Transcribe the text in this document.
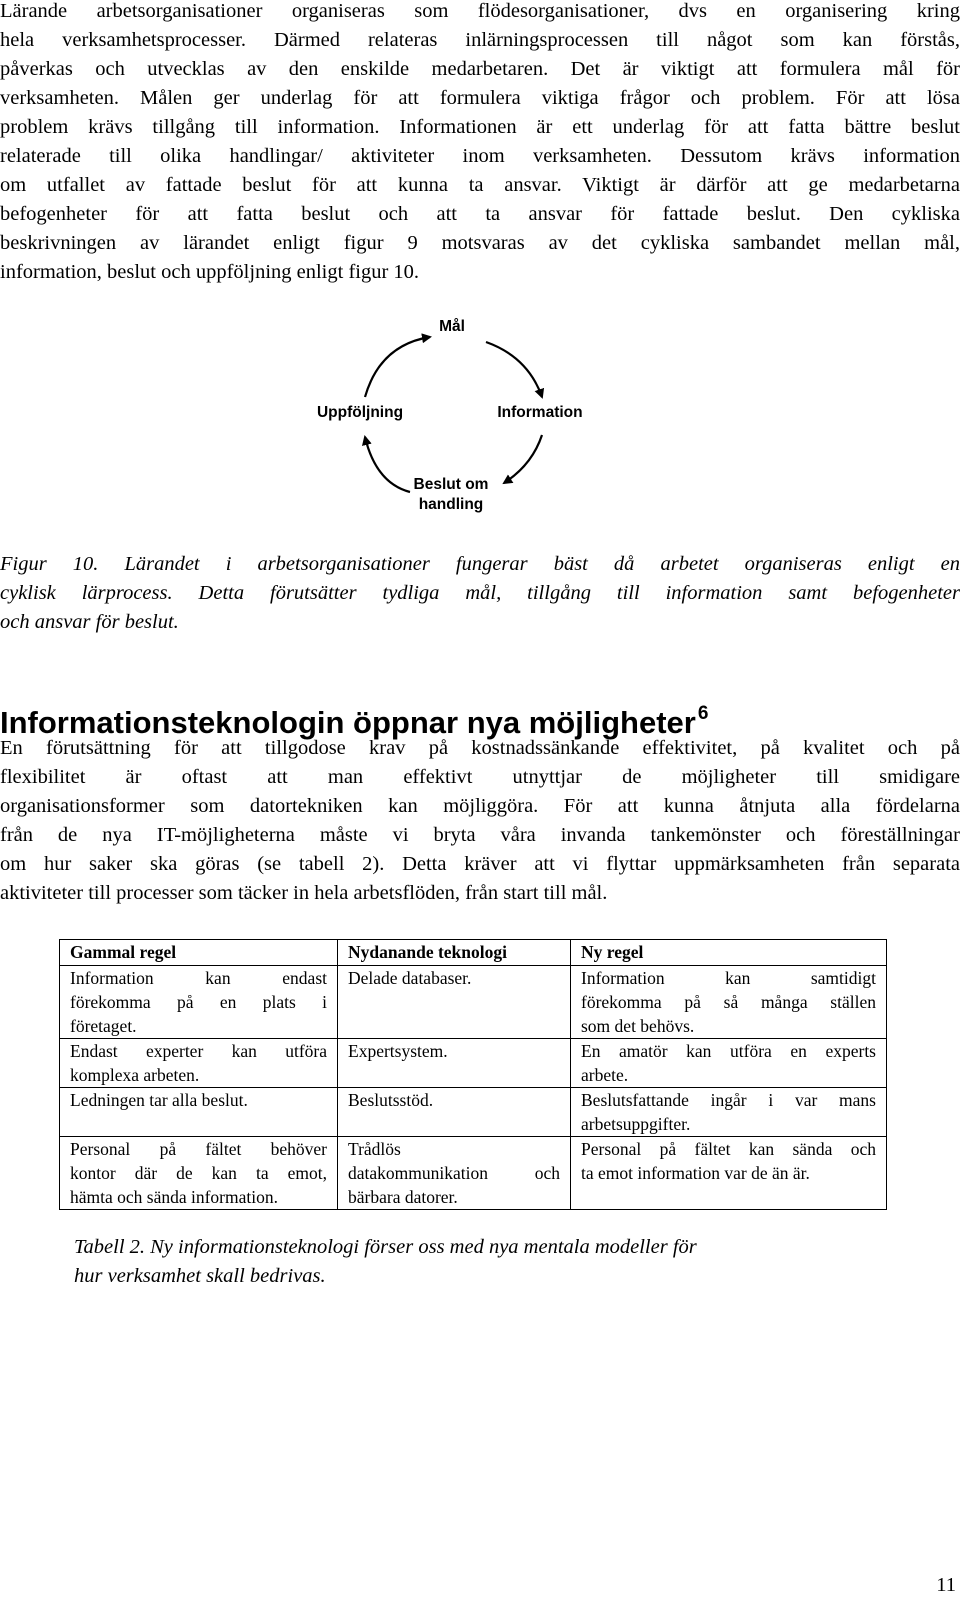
Lärande arbetsorganisationer organiseras som flödesorganisationer, dvs en organisering kring
hela verksamhetsprocesser. Därmed relateras inlärningsprocessen till något som kan förstås,
påverkas och utvecklas av den enskilde medarbetaren. Det är viktigt att formulera mål för
verksamheten. Målen ger underlag för att formulera viktiga frågor och problem. För att lösa
problem krävs tillgång till information. Informationen är ett underlag för att fatta bättre beslut
relaterade till olika handlingar/ aktiviteter inom verksamheten. Dessutom krävs information
om utfallet av fattade beslut för att kunna ta ansvar. Viktigt är därför att ge medarbetarna
befogenheter för att fatta beslut och att ta ansvar för fattade beslut. Den cykliska
beskrivningen av lärandet enligt figur 9 motsvaras av det cykliska sambandet mellan mål,
information, beslut och uppföljning enligt figur 10.
Mål
Information
Uppföljning
Beslut om
handling
Figur 10. Lärandet i arbetsorganisationer fungerar bäst då arbetet organiseras enligt en
cyklisk lärprocess. Detta förutsätter tydliga mål, tillgång till information samt befogenheter
och ansvar för beslut.
Informationsteknologin öppnar nya möjligheter $^6$
En förutsättning för att tillgodose krav på kostnadssänkande effektivitet, på kvalitet och på
flexibilitet är oftast att man effektivt utnyttjar de möjligheter till smidigare
organisationsformer som datortekniken kan möjliggöra. För att kunna åtnjuta alla fördelarna
från de nya IT-möjligheterna måste vi bryta våra invanda tankemönster och föreställningar
om hur saker ska göras (se tabell 2). Detta kräver att vi flyttar uppmärksamheten från separata
aktiviteter till processer som täcker in hela arbetsflöden, från start till mål.
Gammal regel	Nydanande teknologi	Ny regel

Information kan endast
förekomma på en plats i
företaget.	Delade databaser.	Information kan samtidigt
förekomma på så många ställen
som det behövs.

Endast experter kan utföra
komplexa arbeten.	Expertsystem.	En amatör kan utföra en experts
arbete.

Ledningen tar alla beslut.	Beslutsstöd.	Beslutsfattande ingår i var mans
arbetsuppgifter.

Personal på fältet behöver
kontor där de kan ta emot,
hämta och sända information.	Trådlös
datakommunikation och
bärbara datorer.	Personal på fältet kan sända och
ta emot information var de än är.
Tabell 2. Ny informationsteknologi förser oss med nya mentala modeller för
hur verksamhet skall bedrivas.
11
